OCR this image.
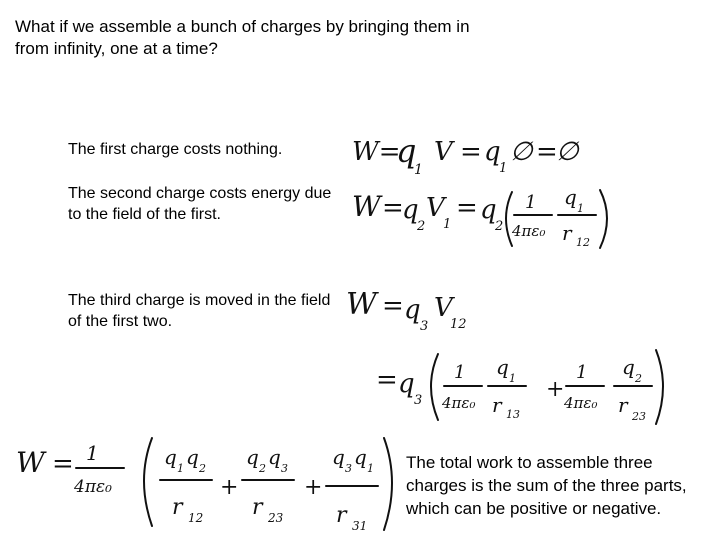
What if we assemble a bunch of charges by bringing them in from infinity, one at a time?
The first charge costs nothing.
The second charge costs energy due to the field of the first.
The third charge is moved in the field of the first two.
The total work to assemble three charges is the sum of the three parts, which can be positive or negative.
W=
q
1
V = q
1
∅ =
∅
W =
q
2
V
1
= q
2
1
4πε₀
q 1
r 12
W = q
3
V
12
= q
3
1
4πε₀
q 1
r 13
+
1
4πε₀
q 2
r 23
W = 1
4πε₀
q 1 q 2
r 12
+
q 2 q 3
r 23
+
q 3 q 1
r 31
